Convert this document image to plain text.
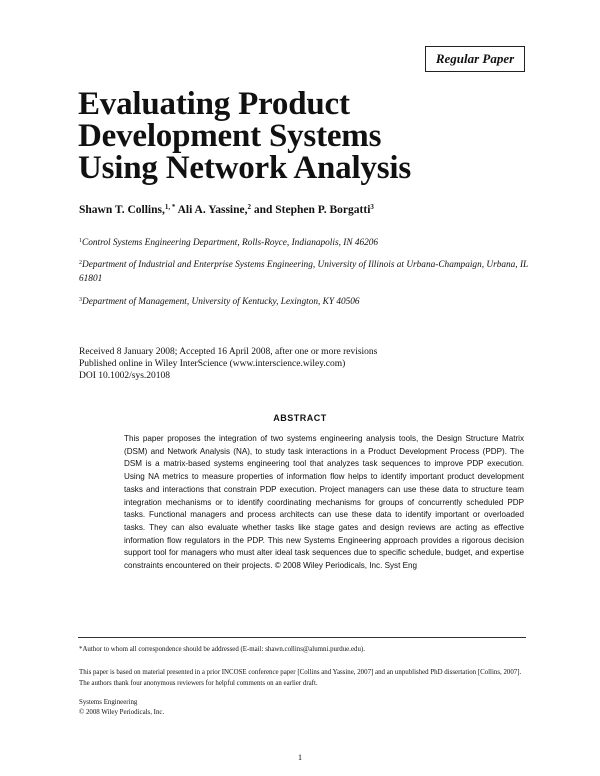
Regular Paper
Evaluating Product
Development Systems
Using Network Analysis
Shawn T. Collins,$^{1, *}$ Ali A. Yassine,$^2$ and Stephen P. Borgatti$^3$
$^1$Control Systems Engineering Department, Rolls-Royce, Indianapolis, IN 46206
$^2$Department of Industrial and Enterprise Systems Engineering, University of Illinois at Urbana-Champaign, Urbana, IL 61801
$^3$Department of Management, University of Kentucky, Lexington, KY 40506
Received 8 January 2008; Accepted 16 April 2008, after one or more revisions
Published online in Wiley InterScience (www.interscience.wiley.com)
DOI 10.1002/sys.20108
ABSTRACT

This paper proposes the integration of two systems engineering analysis tools, the Design Structure Matrix (DSM) and Network Analysis (NA), to study task interactions in a Product Development Process (PDP). The DSM is a matrix-based systems engineering tool that analyzes task sequences to improve PDP execution. Using NA metrics to measure properties of information flow helps to identify important product development tasks and interactions that constrain PDP execution. Project managers can use these data to structure team integration mechanisms or to identify coordinating mechanisms for groups of concurrently scheduled PDP tasks. Functional managers and process architects can use these data to identify important or overloaded tasks. They can also evaluate whether tasks like stage gates and design reviews are acting as effective information flow regulators in the PDP. This new Systems Engineering approach provides a rigorous decision support tool for managers who must alter ideal task sequences due to specific schedule, budget, and expertise constraints encountered on their projects. © 2008 Wiley Periodicals, Inc. Syst Eng

*Author to whom all correspondence should be addressed (E-mail: shawn.collins@alumni.purdue.edu).
This paper is based on material presented in a prior INCOSE conference paper [Collins and Yassine, 2007] and an unpublished PhD dissertation [Collins, 2007]. The authors thank four anonymous reviewers for helpful comments on an earlier draft.
Systems Engineering
© 2008 Wiley Periodicals, Inc.
1
